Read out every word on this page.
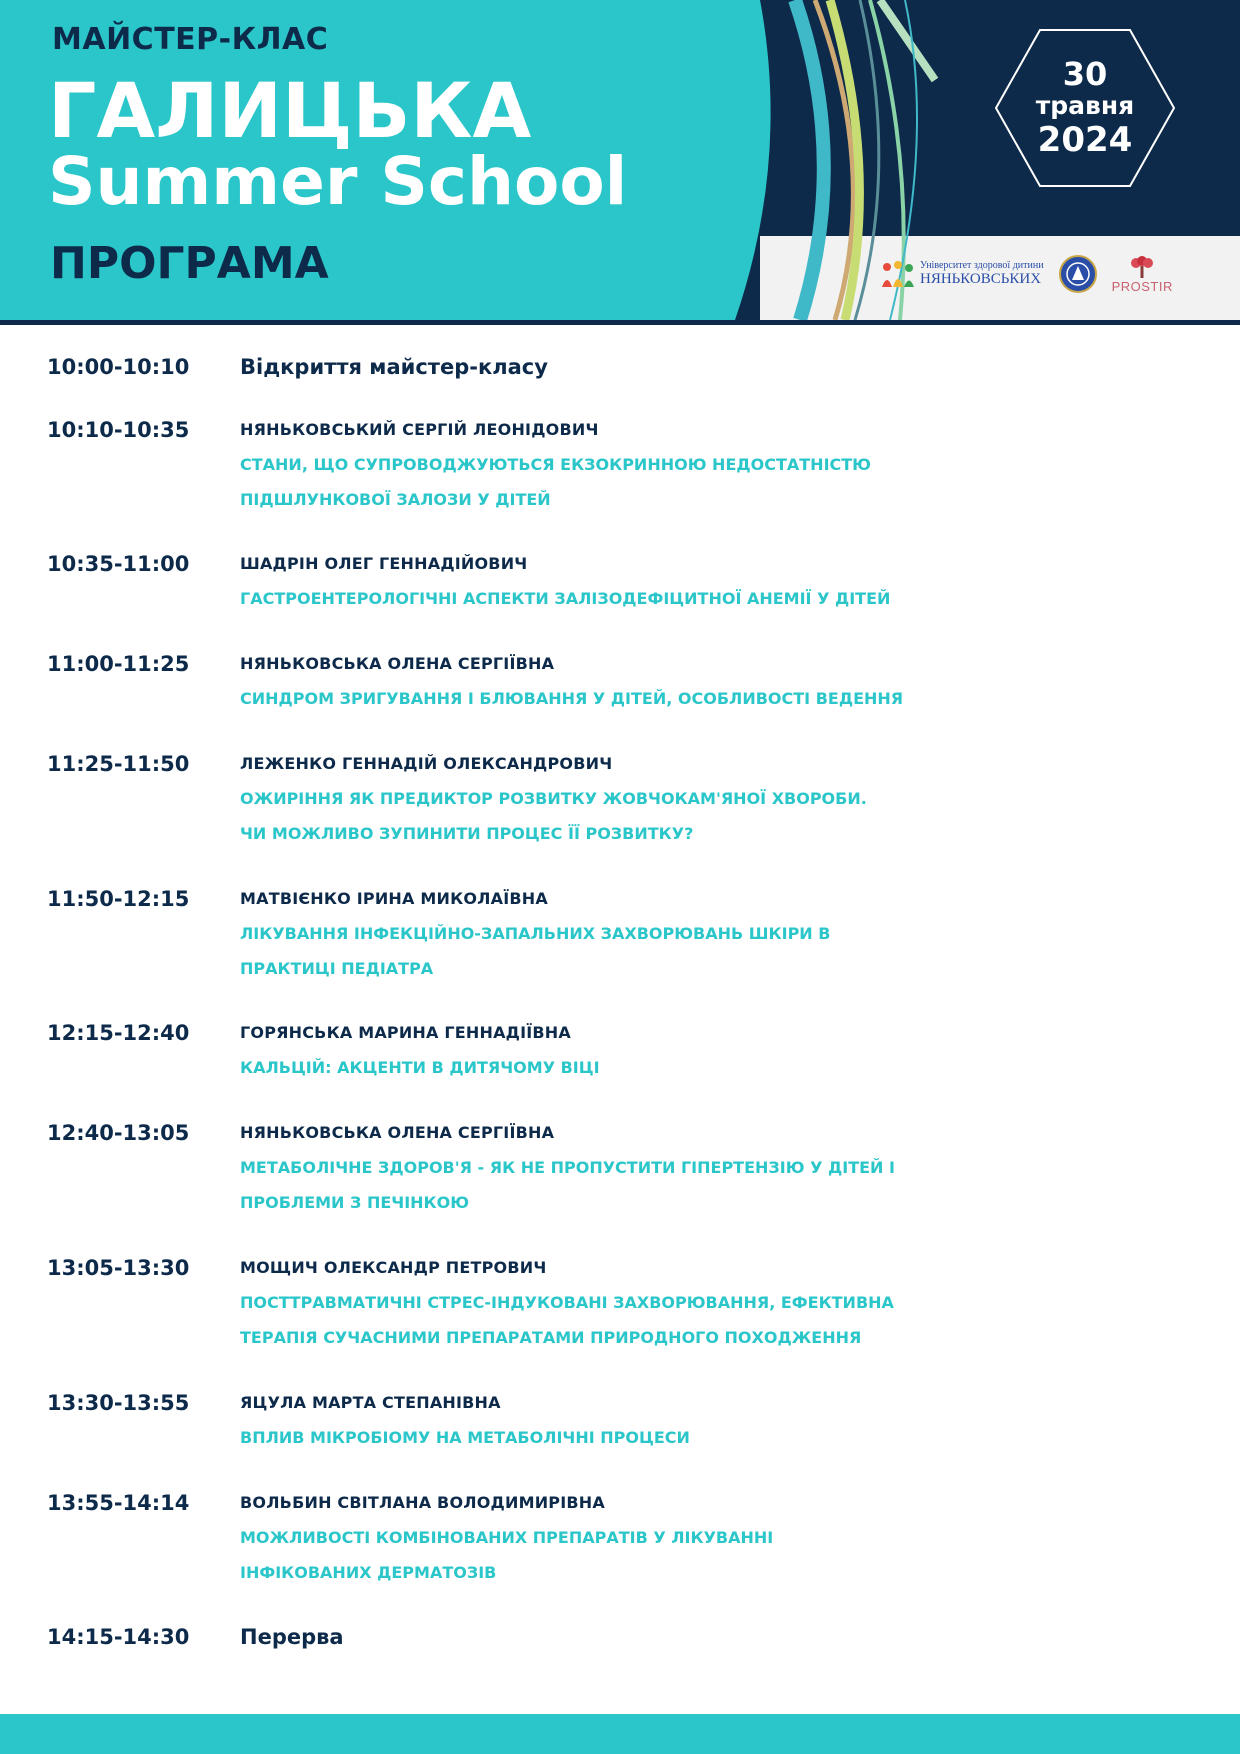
МАЙСТЕР-КЛАС
ГАЛИЦЬКА
Summer School
ПРОГРАМА
30
травня
2024
Університет здорової дитини
НЯНЬКОВСЬКИХ	PROSTIR
10:00-10:10 Відкриття майстер-класу
10:10-10:35	НЯНЬКОВСЬКИЙ СЕРГІЙ ЛЕОНІДОВИЧ
СТАНИ, ЩО СУПРОВОДЖУЮТЬСЯ ЕКЗОКРИННОЮ НЕДОСТАТНІСТЮ
ПІДШЛУНКОВОЇ ЗАЛОЗИ У ДІТЕЙ
10:35-11:00	ШАДРІН ОЛЕГ ГЕННАДІЙОВИЧ
ГАСТРОЕНТЕРОЛОГІЧНІ АСПЕКТИ ЗАЛІЗОДЕФІЦИТНОЇ АНЕМІЇ У ДІТЕЙ
11:00-11:25	НЯНЬКОВСЬКА ОЛЕНА СЕРГІЇВНА
СИНДРОМ ЗРИГУВАННЯ І БЛЮВАННЯ У ДІТЕЙ, ОСОБЛИВОСТІ ВЕДЕННЯ
11:25-11:50	ЛЕЖЕНКО ГЕННАДІЙ ОЛЕКСАНДРОВИЧ
ОЖИРІННЯ ЯК ПРЕДИКТОР РОЗВИТКУ ЖОВЧОКАМ'ЯНОЇ ХВОРОБИ.
ЧИ МОЖЛИВО ЗУПИНИТИ ПРОЦЕС ЇЇ РОЗВИТКУ?
11:50-12:15	МАТВІЄНКО ІРИНА МИКОЛАЇВНА
ЛІКУВАННЯ ІНФЕКЦІЙНО-ЗАПАЛЬНИХ ЗАХВОРЮВАНЬ ШКІРИ В
ПРАКТИЦІ ПЕДІАТРА
12:15-12:40	ГОРЯНСЬКА МАРИНА ГЕННАДІЇВНА
КАЛЬЦІЙ: АКЦЕНТИ В ДИТЯЧОМУ ВІЦІ
12:40-13:05	НЯНЬКОВСЬКА ОЛЕНА СЕРГІЇВНА
МЕТАБОЛІЧНЕ ЗДОРОВ'Я - ЯК НЕ ПРОПУСТИТИ ГІПЕРТЕНЗІЮ У ДІТЕЙ І
ПРОБЛЕМИ З ПЕЧІНКОЮ
13:05-13:30	МОЩИЧ ОЛЕКСАНДР ПЕТРОВИЧ
ПОСТТРАВМАТИЧНІ СТРЕС-ІНДУКОВАНІ ЗАХВОРЮВАННЯ, ЕФЕКТИВНА
ТЕРАПІЯ СУЧАСНИМИ ПРЕПАРАТАМИ ПРИРОДНОГО ПОХОДЖЕННЯ
13:30-13:55	ЯЦУЛА МАРТА СТЕПАНІВНА
ВПЛИВ МІКРОБІОМУ НА МЕТАБОЛІЧНІ ПРОЦЕСИ
13:55-14:14	ВОЛЬБИН СВІТЛАНА ВОЛОДИМИРІВНА
МОЖЛИВОСТІ КОМБІНОВАНИХ ПРЕПАРАТІВ У ЛІКУВАННІ
ІНФІКОВАНИХ ДЕРМАТОЗІВ
14:15-14:30 Перерва
